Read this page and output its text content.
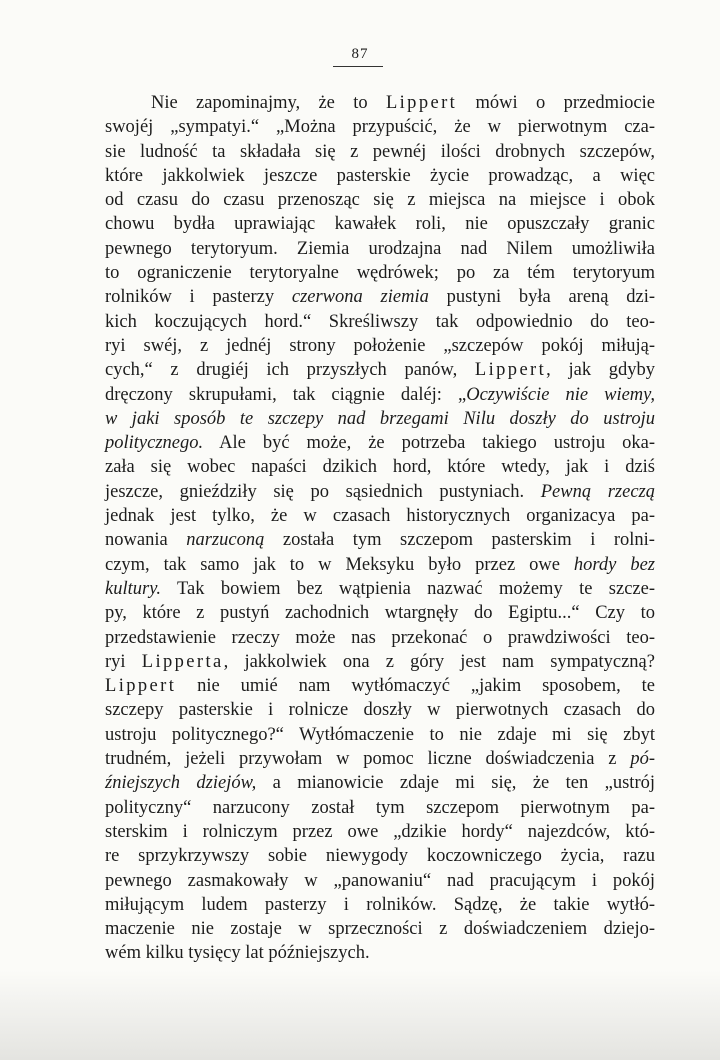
87
Nie zapominajmy, że to Lippert mówi o przedmiocie
swojéj „sympatyi.“ „Można przypuścić, że w pierwotnym cza-
sie ludność ta składała się z pewnéj ilości drobnych szczepów,
które jakkolwiek jeszcze pasterskie życie prowadząc, a więc
od czasu do czasu przenosząc się z miejsca na miejsce i obok
chowu bydła uprawiając kawałek roli, nie opuszczały granic
pewnego terytoryum. Ziemia urodzajna nad Nilem umożliwiła
to ograniczenie terytoryalne wędrówek; po za tém terytoryum
rolników i pasterzy czerwona ziemia pustyni była areną dzi-
kich koczujących hord.“ Skreśliwszy tak odpowiednio do teo-
ryi swéj, z jednéj strony położenie „szczepów pokój miłują-
cych,“ z drugiéj ich przyszłych panów, Lippert, jak gdyby
dręczony skrupułami, tak ciągnie daléj: „Oczywiście nie wiemy,
w jaki sposób te szczepy nad brzegami Nilu doszły do ustroju
politycznego. Ale być może, że potrzeba takiego ustroju oka-
zała się wobec napaści dzikich hord, które wtedy, jak i dziś
jeszcze, gnieździły się po sąsiednich pustyniach. Pewną rzeczą
jednak jest tylko, że w czasach historycznych organizacya pa-
nowania narzuconą została tym szczepom pasterskim i rolni-
czym, tak samo jak to w Meksyku było przez owe hordy bez
kultury. Tak bowiem bez wątpienia nazwać możemy te szcze-
py, które z pustyń zachodnich wtargnęły do Egiptu...“ Czy to
przedstawienie rzeczy może nas przekonać o prawdziwości teo-
ryi Lipperta, jakkolwiek ona z góry jest nam sympatyczną?
Lippert nie umié nam wytłómaczyć „jakim sposobem, te
szczepy pasterskie i rolnicze doszły w pierwotnych czasach do
ustroju politycznego?“ Wytłómaczenie to nie zdaje mi się zbyt
trudném, jeżeli przywołam w pomoc liczne doświadczenia z pó-
źniejszych dziejów, a mianowicie zdaje mi się, że ten „ustrój
polityczny“ narzucony został tym szczepom pierwotnym pa-
sterskim i rolniczym przez owe „dzikie hordy“ najezdców, któ-
re sprzykrzywszy sobie niewygody koczowniczego życia, razu
pewnego zasmakowały w „panowaniu“ nad pracującym i pokój
miłującym ludem pasterzy i rolników. Sądzę, że takie wytłó-
maczenie nie zostaje w sprzeczności z doświadczeniem dziejo-
wém kilku tysięcy lat późniejszych.
